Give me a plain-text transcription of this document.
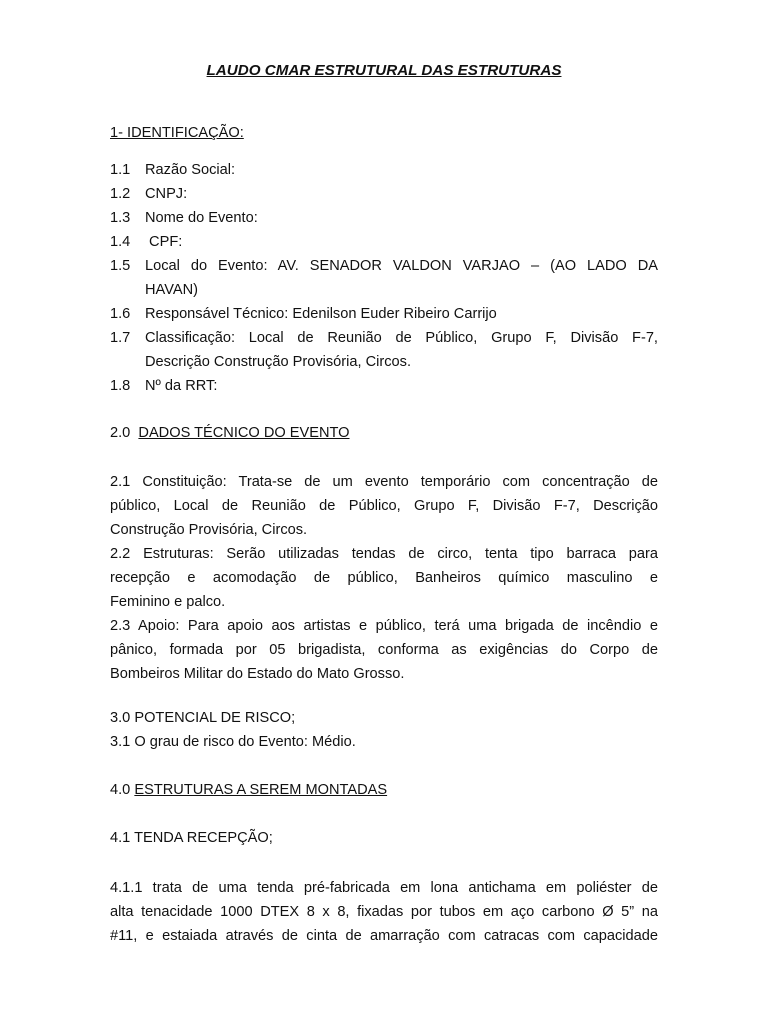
LAUDO CMAR ESTRUTURAL DAS ESTRUTURAS
1- IDENTIFICAÇÃO:
1.1	Razão Social:
1.2	CNPJ:
1.3	Nome do Evento:
1.4	CPF:
1.5	Local do Evento: AV. SENADOR VALDON VARJAO – (AO LADO DA
HAVAN)
1.6	Responsável Técnico: Edenilson Euder Ribeiro Carrijo
1.7	Classificação: Local de Reunião de Público, Grupo F, Divisão F-7,
Descrição Construção Provisória, Circos.
1.8	Nº da RRT:
2.0 DADOS TÉCNICO DO EVENTO
2.1 Constituição: Trata-se de um evento temporário com concentração de
público, Local de Reunião de Público, Grupo F, Divisão F-7, Descrição
Construção Provisória, Circos.
2.2 Estruturas: Serão utilizadas tendas de circo, tenta tipo barraca para
recepção e acomodação de público, Banheiros químico masculino e
Feminino e palco.
2.3 Apoio: Para apoio aos artistas e público, terá uma brigada de incêndio e
pânico, formada por 05 brigadista, conforma as exigências do Corpo de
Bombeiros Militar do Estado do Mato Grosso.
3.0 POTENCIAL DE RISCO;
3.1 O grau de risco do Evento: Médio.
4.0 ESTRUTURAS A SEREM MONTADAS
4.1 TENDA RECEPÇÃO;
4.1.1 trata de uma tenda pré-fabricada em lona antichama em poliéster de
alta tenacidade 1000 DTEX 8 x 8, fixadas por tubos em aço carbono Ø 5” na
#11, e estaiada através de cinta de amarração com catracas com capacidade
